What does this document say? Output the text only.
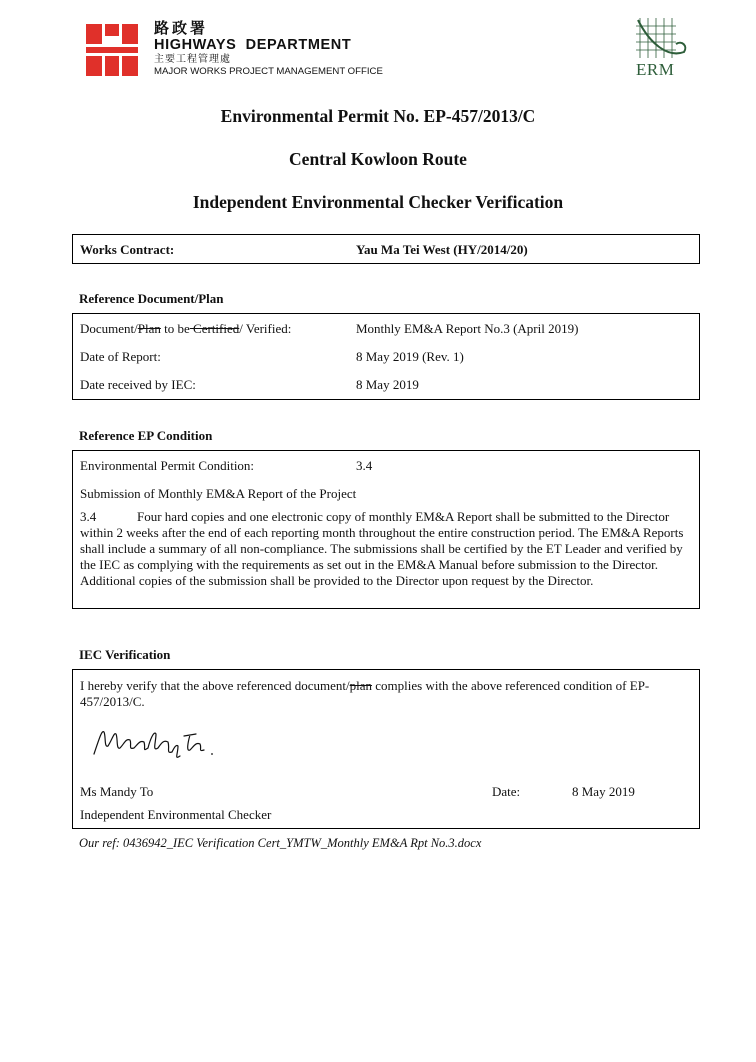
路政署
HIGHWAYS  DEPARTMENT
主要工程管理處
MAJOR WORKS PROJECT MANAGEMENT OFFICE	ERM
Environmental Permit No. EP-457/2013/C
Central Kowloon Route
Independent Environmental Checker Verification
Works Contract:	Yau Ma Tei West (HY/2014/20)
Reference Document/Plan
Document/Plan to be Certified/ Verified:	Monthly EM&A Report No.3 (April 2019)
Date of Report:	8 May 2019 (Rev. 1)
Date received by IEC:	8 May 2019
Reference EP Condition
Environmental Permit Condition:	3.4
Submission of Monthly EM&A Report of the Project
3.4	Four hard copies and one electronic copy of monthly EM&A Report shall be submitted to the Director within 2 weeks after the end of each reporting month throughout the entire construction period. The EM&A Reports shall include a summary of all non-compliance. The submissions shall be certified by the ET Leader and verified by the IEC as complying with the requirements as set out in the EM&A Manual before submission to the Director. Additional copies of the submission shall be provided to the Director upon request by the Director.
IEC Verification
I hereby verify that the above referenced document/plan complies with the above referenced condition of EP-457/2013/C.
Ms Mandy To	Date:	8 May 2019
Independent Environmental Checker
Our ref: 0436942_IEC Verification Cert_YMTW_Monthly EM&A Rpt No.3.docx
